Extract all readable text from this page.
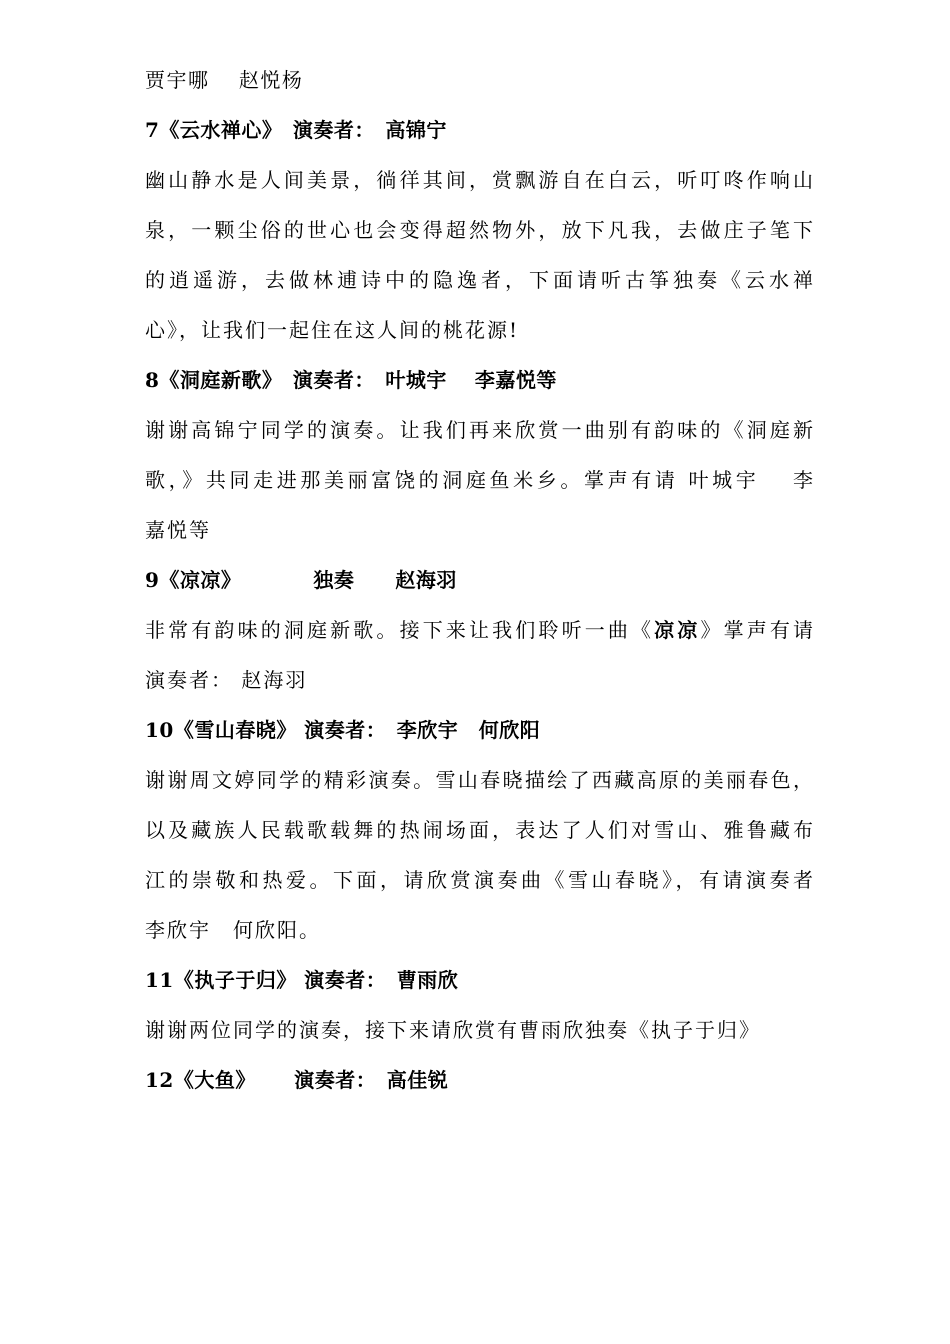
贾宇哪　 赵悦杨
7《云水禅心》　演奏者：　高锦宁
幽山静水是人间美景，徜徉其间，赏飘游自在白云，听叮咚作响山
泉，一颗尘俗的世心也会变得超然物外，放下凡我，去做庄子笔下
的逍遥游，去做林逋诗中的隐逸者，下面请听古筝独奏《云水禅
心》，让我们一起住在这人间的桃花源!
8《洞庭新歌》　演奏者：　叶城宇　 李嘉悦等
谢谢高锦宁同学的演奏。让我们再来欣赏一曲别有韵味的《洞庭新
歌，》共同走进那美丽富饶的洞庭鱼米乡。掌声有请 叶城宇　 李
嘉悦等
9《凉凉》　　　　独奏　　赵海羽
非常有韵味的洞庭新歌。接下来让我们聆听一曲《凉凉》掌声有请
演奏者： 赵海羽
10《雪山春晓》 演奏者：　李欣宇　何欣阳
谢谢周文婷同学的精彩演奏。雪山春晓描绘了西藏高原的美丽春色，
以及藏族人民载歌载舞的热闹场面，表达了人们对雪山、雅鲁藏布
江的崇敬和热爱。下面，请欣赏演奏曲《雪山春晓》，有请演奏者
李欣宇　何欣阳。
11《执子于归》 演奏者：　曹雨欣
谢谢两位同学的演奏，接下来请欣赏有曹雨欣独奏《执子于归》
12《大鱼》　　 演奏者：　高佳锐
